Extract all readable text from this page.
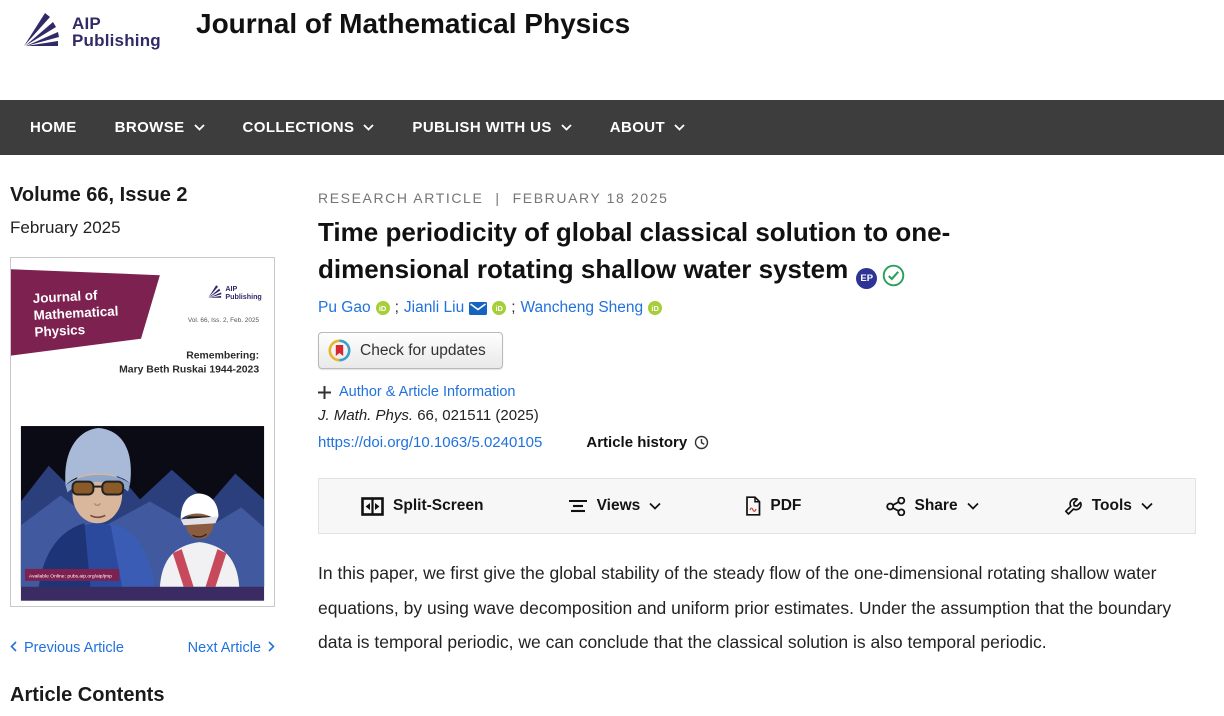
AIP
Publishing
Journal of Mathematical Physics
HOME	BROWSE	COLLECTIONS	PUBLISH WITH US	ABOUT
Volume 66, Issue 2
February 2025
Journal of
Mathematical
Physics
AIP
Publishing
Vol. 66, Iss. 2, Feb. 2025
Remembering:
Mary Beth Ruskai 1944-2023
Available Online: pubs.aip.org/aip/jmp
Previous Article	Next Article
Article Contents
RESEARCH ARTICLE | FEBRUARY 18 2025
Time periodicity of global classical solution to one-dimensional rotating shallow water system	EP
Pu Gao	iD ; Jianli Liu	iD ; Wancheng Sheng	iD
Check for updates
Author & Article Information
J. Math. Phys. 66, 021511 (2025)
https://doi.org/10.1063/5.0240105	Article history
Split-Screen	Views	PDF	Share	Tools

In this paper, we first give the global stability of the steady flow of the one-dimensional rotating shallow water equations, by using wave decomposition and uniform prior estimates. Under the assumption that the boundary data is temporal periodic, we can conclude that the classical solution is also temporal periodic.
